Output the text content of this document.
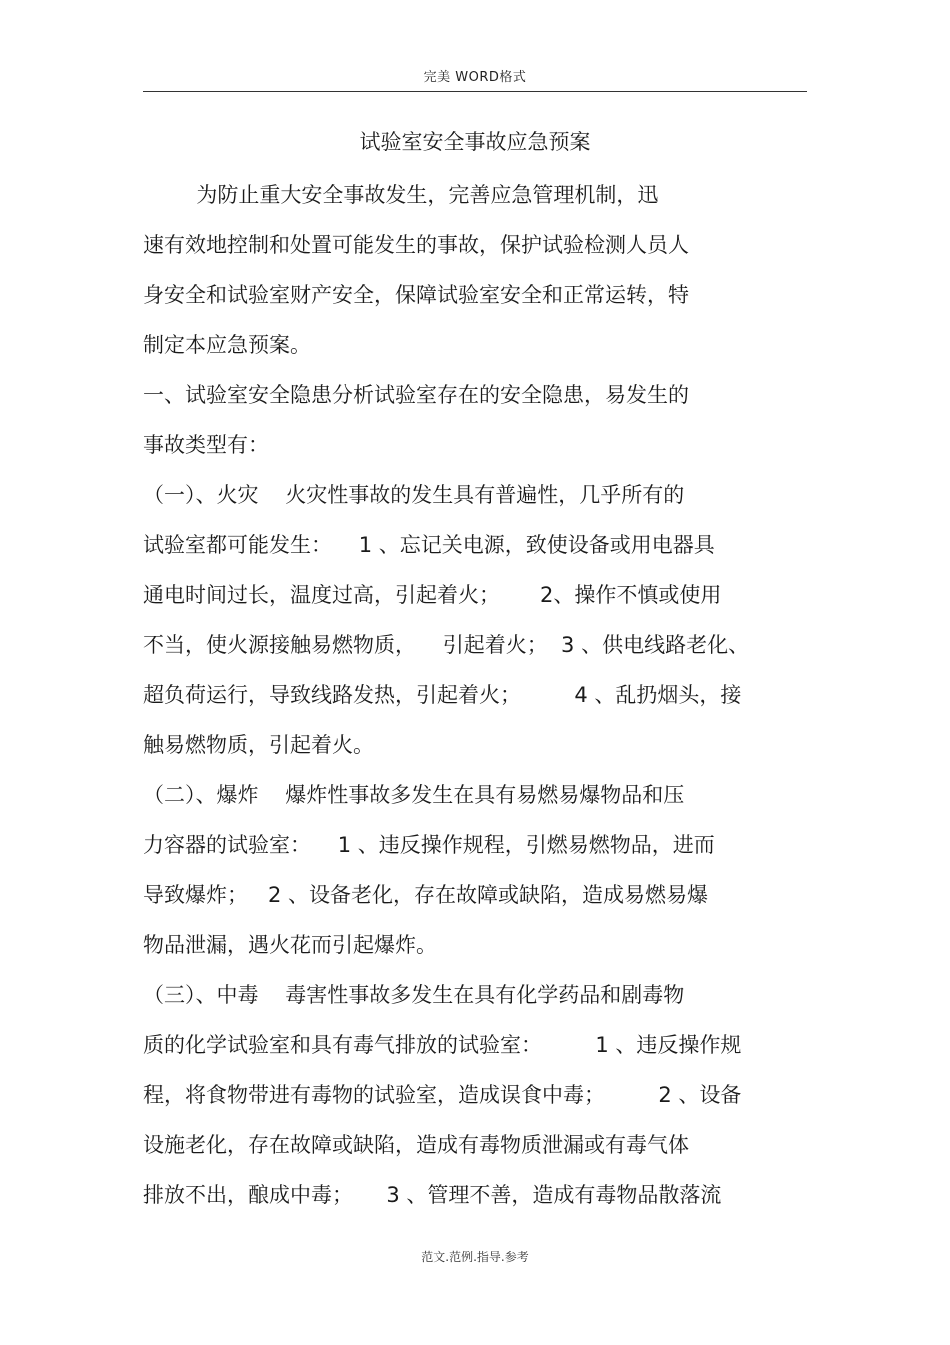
完美 WORD格式
试验室安全事故应急预案
为防止重大安全事故发生，完善应急管理机制，迅
速有效地控制和处置可能发生的事故，保护试验检测人员人
身安全和试验室财产安全，保障试验室安全和正常运转，特
制定本应急预案。
一、试验室安全隐患分析试验室存在的安全隐患，易发生的
事故类型有：
（一）、火灾    火灾性事故的发生具有普遍性，几乎所有的
试验室都可能发生：    1 、忘记关电源，致使设备或用电器具
通电时间过长，温度过高，引起着火；      2、操作不慎或使用
不当，使火源接触易燃物质，    引起着火；  3 、供电线路老化、
超负荷运行，导致线路发热，引起着火；        4 、乱扔烟头，接
触易燃物质，引起着火。
（二）、爆炸    爆炸性事故多发生在具有易燃易爆物品和压
力容器的试验室：    1 、违反操作规程，引燃易燃物品，进而
导致爆炸；   2 、设备老化，存在故障或缺陷，造成易燃易爆
物品泄漏，遇火花而引起爆炸。
（三）、中毒    毒害性事故多发生在具有化学药品和剧毒物
质的化学试验室和具有毒气排放的试验室：        1 、违反操作规
程，将食物带进有毒物的试验室，造成误食中毒；        2 、设备
设施老化，存在故障或缺陷，造成有毒物质泄漏或有毒气体
排放不出，酿成中毒；     3 、管理不善，造成有毒物品散落流
范文.范例.指导.参考
